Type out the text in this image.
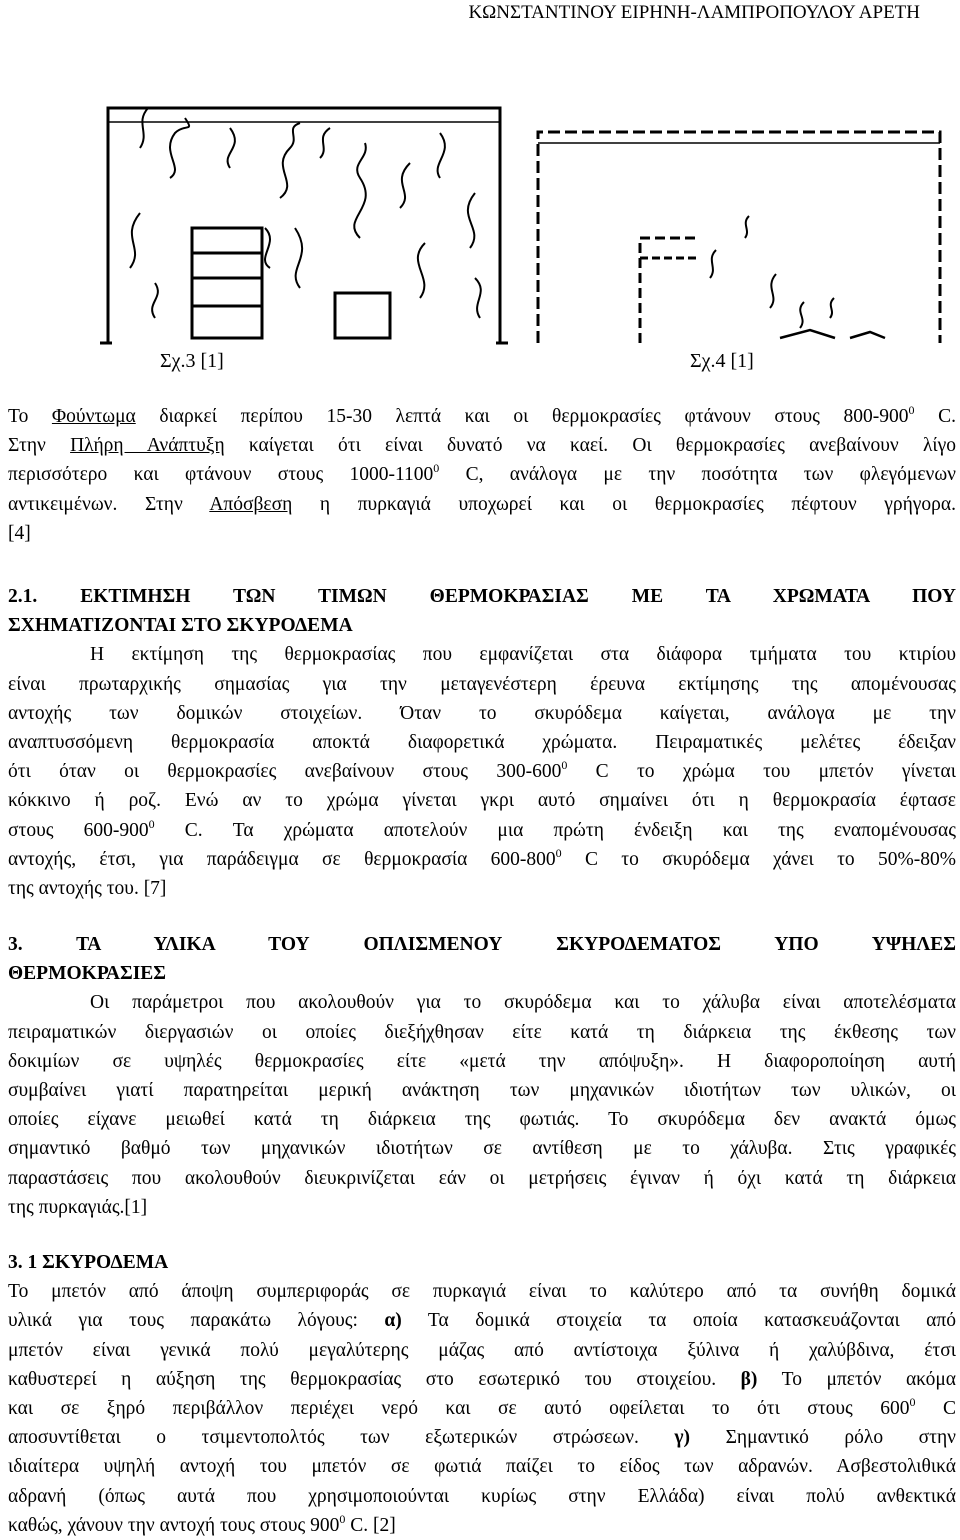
ΚΩΝΣΤΑΝΤΙΝΟΥ ΕΙΡΗΝΗ-ΛΑΜΠΡΟΠΟΥΛΟΥ ΑΡΕΤΗ
Σχ.3 [1]	Σχ.4 [1]
Το Φούντωμα διαρκεί περίπου 15-30 λεπτά και οι θερμοκρασίες φτάνουν στους $800-900^0$ C.
Στην Πλήρη Ανάπτυξη καίγεται ότι είναι δυνατό να καεί. Οι θερμοκρασίες ανεβαίνουν λίγο
περισσότερο και φτάνουν στους 1000-1100$^0$ C, ανάλογα με την ποσότητα των φλεγόμενων
αντικειμένων. Στην Απόσβεση η πυρκαγιά υποχωρεί και οι θερμοκρασίες πέφτουν γρήγορα.
[4]
2.1. ΕΚΤΙΜΗΣΗ ΤΩΝ ΤΙΜΩΝ ΘΕΡΜΟΚΡΑΣΙΑΣ ΜΕ ΤΑ ΧΡΩΜΑΤΑ ΠΟΥ
ΣΧΗΜΑΤΙΖΟΝΤΑΙ ΣΤΟ ΣΚΥΡΟΔΕΜΑ
Η εκτίμηση της θερμοκρασίας που εμφανίζεται στα διάφορα τμήματα του κτιρίου
είναι πρωταρχικής σημασίας για την μεταγενέστερη έρευνα εκτίμησης της απομένουσας
αντοχής των δομικών στοιχείων. Όταν το σκυρόδεμα καίγεται, ανάλογα με την
αναπτυσσόμενη θερμοκρασία αποκτά διαφορετικά χρώματα. Πειραματικές μελέτες έδειξαν
ότι όταν οι θερμοκρασίες ανεβαίνουν στους $300-600^0$ C το χρώμα του μπετόν γίνεται
κόκκινο ή ροζ. Ενώ αν το χρώμα γίνεται γκρι αυτό σημαίνει ότι η θερμοκρασία έφτασε
στους $600-900^0$ C. Τα χρώματα αποτελούν μια πρώτη ένδειξη και της εναπομένουσας
αντοχής, έτσι, για παράδειγμα σε θερμοκρασία $600-800^0$ C το σκυρόδεμα χάνει το 50%-80%
της αντοχής του. [7]
3. ΤΑ ΥΛΙΚΑ ΤΟΥ ΟΠΛΙΣΜΕΝΟΥ ΣΚΥΡΟΔΕΜΑΤΟΣ ΥΠΟ ΥΨΗΛΕΣ
ΘΕΡΜΟΚΡΑΣΙΕΣ
Οι παράμετροι που ακολουθούν για το σκυρόδεμα και το χάλυβα είναι αποτελέσματα
πειραματικών διεργασιών οι οποίες διεξήχθησαν είτε κατά τη διάρκεια της έκθεσης των
δοκιμίων σε υψηλές θερμοκρασίες είτε «μετά την απόψυξη». Η διαφοροποίηση αυτή
συμβαίνει γιατί παρατηρείται μερική ανάκτηση των μηχανικών ιδιοτήτων των υλικών, οι
οποίες είχανε μειωθεί κατά τη διάρκεια της φωτιάς. Το σκυρόδεμα δεν ανακτά όμως
σημαντικό βαθμό των μηχανικών ιδιοτήτων σε αντίθεση με το χάλυβα. Στις γραφικές
παραστάσεις που ακολουθούν διευκρινίζεται εάν οι μετρήσεις έγιναν ή όχι κατά τη διάρκεια
της πυρκαγιάς.[1]
3. 1 ΣΚΥΡΟΔΕΜΑ
Το μπετόν από άποψη συμπεριφοράς σε πυρκαγιά είναι το καλύτερο από τα συνήθη δομικά
υλικά για τους παρακάτω λόγους: α) Τα δομικά στοιχεία τα οποία κατασκευάζονται από
μπετόν είναι γενικά πολύ μεγαλύτερης μάζας από αντίστοιχα ξύλινα ή χαλύβδινα, έτσι
καθυστερεί η αύξηση της θερμοκρασίας στο εσωτερικό του στοιχείου. β) Το μπετόν ακόμα
και σε ξηρό περιβάλλον περιέχει νερό και σε αυτό οφείλεται το ότι στους $600^0$ C
αποσυντίθεται ο τσιμεντοπολτός των εξωτερικών στρώσεων. γ) Σημαντικό ρόλο στην
ιδιαίτερα υψηλή αντοχή του μπετόν σε φωτιά παίζει το είδος των αδρανών. Ασβεστολιθικά
αδρανή (όπως αυτά που χρησιμοποιούνται κυρίως στην Ελλάδα) είναι πολύ ανθεκτικά
καθώς, χάνουν την αντοχή τους στους $900^0$ C. [2]
